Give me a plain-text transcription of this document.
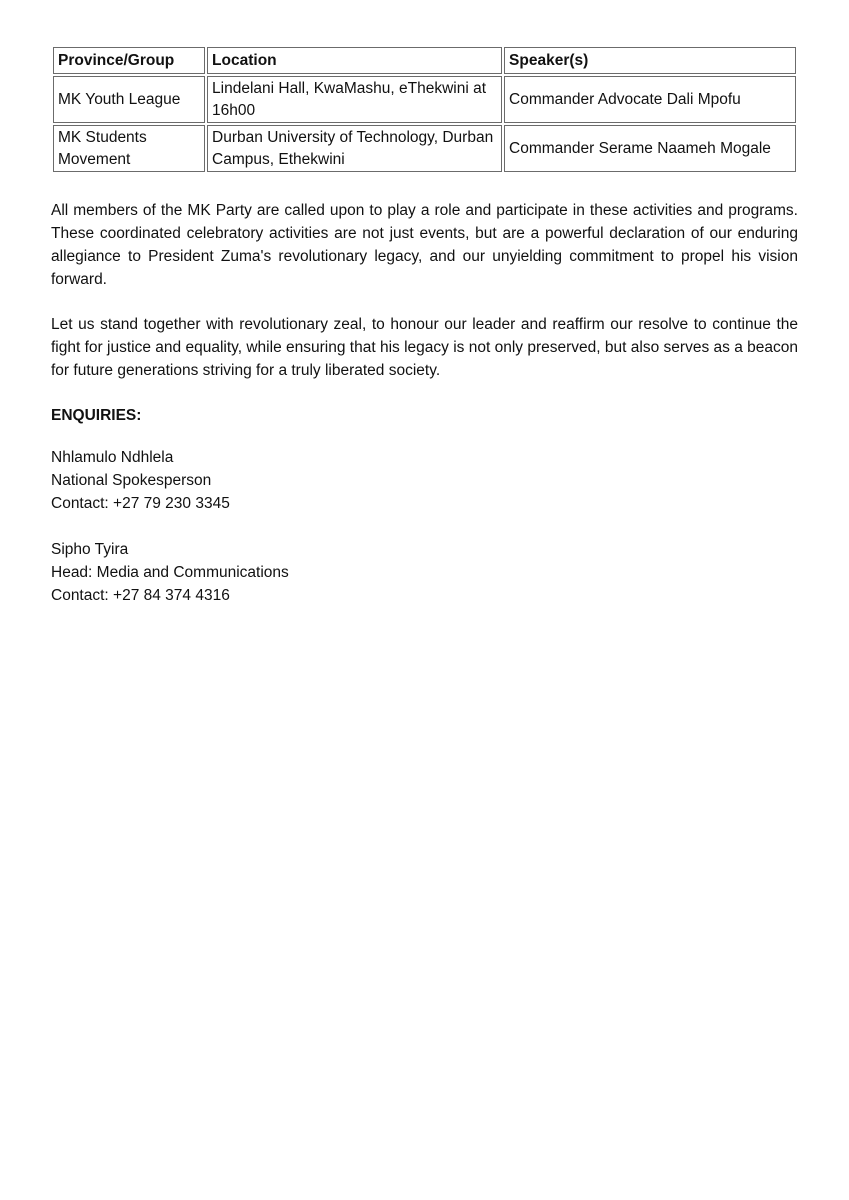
Province/Group	Location	Speaker(s)
MK Youth League	Lindelani Hall, KwaMashu, eThekwini at 16h00	Commander Advocate Dali Mpofu
MK Students Movement	Durban University of Technology, Durban Campus, Ethekwini	Commander Serame Naameh Mogale

All members of the MK Party are called upon to play a role and participate in these activities and programs. These coordinated celebratory activities are not just events, but are a powerful declaration of our enduring allegiance to President Zuma's revolutionary legacy, and our unyielding commitment to propel his vision forward.

Let us stand together with revolutionary zeal, to honour our leader and reaffirm our resolve to continue the fight for justice and equality, while ensuring that his legacy is not only preserved, but also serves as a beacon for future generations striving for a truly liberated society.

ENQUIRIES:
Nhlamulo Ndhlela
National Spokesperson
Contact: +27 79 230 3345
Sipho Tyira
Head: Media and Communications
Contact: +27 84 374 4316
